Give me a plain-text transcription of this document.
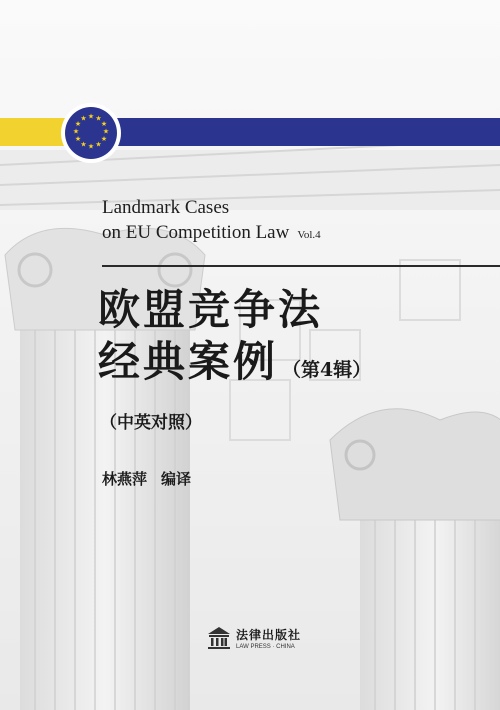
★ ★
★
★
★
★
★
★
★
★
★
★
Landmark Cases
on EU Competition Law Vol.4
欧盟竞争法
经典案例 （第4辑）
（中英对照）
林燕萍 编译
法律出版社
LAW PRESS · CHINA
